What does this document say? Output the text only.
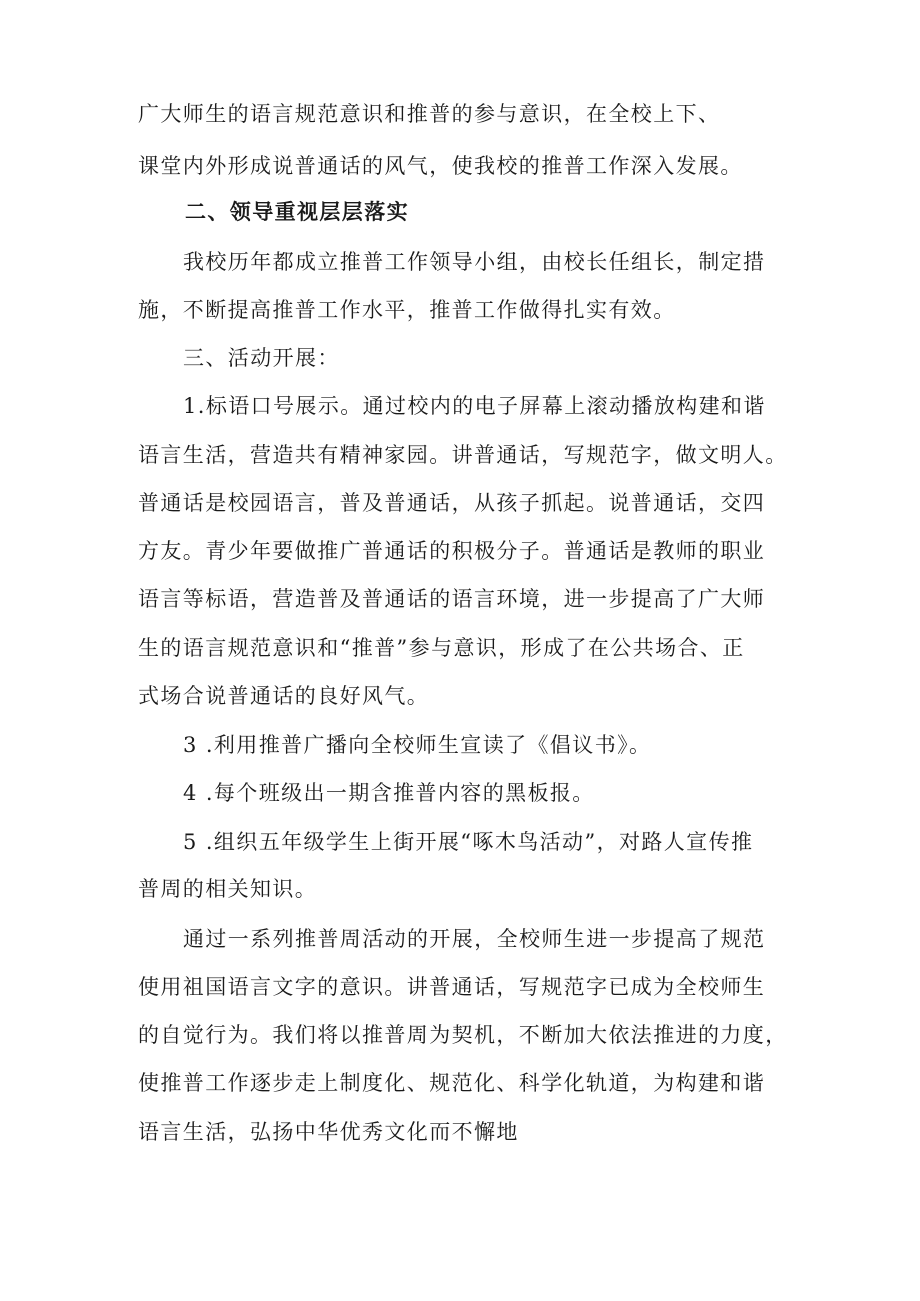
广大师生的语言规范意识和推普的参与意识，在全校上下、
课堂内外形成说普通话的风气，使我校的推普工作深入发展。
二、领导重视层层落实
我校历年都成立推普工作领导小组，由校长任组长，制定措
施，不断提高推普工作水平，推普工作做得扎实有效。
三、活动开展：
1.标语口号展示。通过校内的电子屏幕上滚动播放构建和谐
语言生活，营造共有精神家园。讲普通话，写规范字，做文明人。
普通话是校园语言，普及普通话，从孩子抓起。说普通话，交四
方友。青少年要做推广普通话的积极分子。普通话是教师的职业
语言等标语，营造普及普通话的语言环境，进一步提高了广大师
生的语言规范意识和“推普”参与意识，形成了在公共场合、正
式场合说普通话的良好风气。
3 .利用推普广播向全校师生宣读了《倡议书》。
4 .每个班级出一期含推普内容的黑板报。
5 .组织五年级学生上街开展“啄木鸟活动”，对路人宣传推
普周的相关知识。
通过一系列推普周活动的开展，全校师生进一步提高了规范
使用祖国语言文字的意识。讲普通话，写规范字已成为全校师生
的自觉行为。我们将以推普周为契机，不断加大依法推进的力度，
使推普工作逐步走上制度化、规范化、科学化轨道，为构建和谐
语言生活，弘扬中华优秀文化而不懈地
